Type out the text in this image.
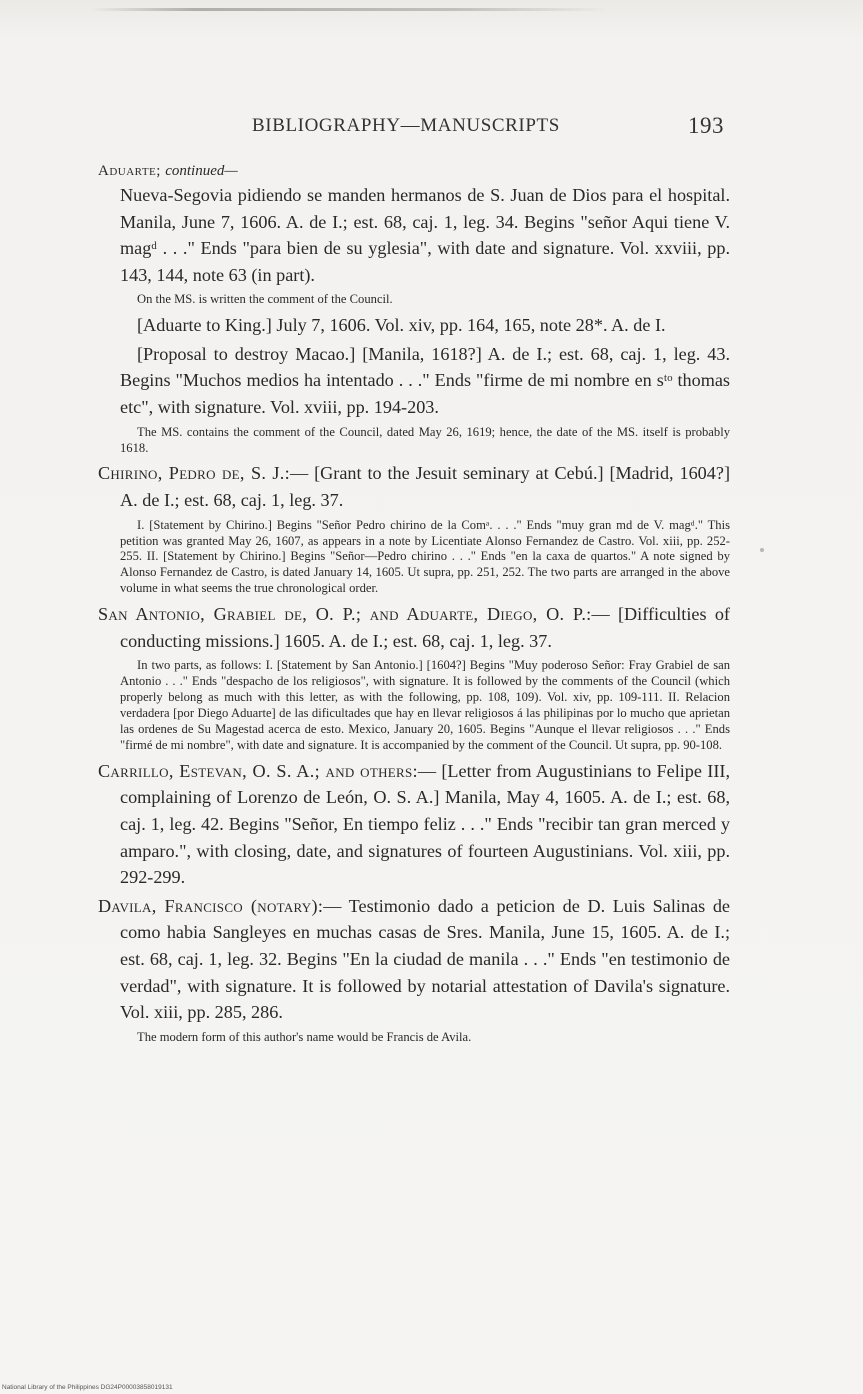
BIBLIOGRAPHY—MANUSCRIPTS	193
Aduarte; continued—

Nueva-Segovia pidiendo se manden hermanos de S. Juan de Dios para el hospital. Manila, June 7, 1606. A. de I.; est. 68, caj. 1, leg. 34. Begins "señor Aqui tiene V. magᵈ . . ." Ends "para bien de su yglesia", with date and signature. Vol. xxviii, pp. 143, 144, note 63 (in part).

On the MS. is written the comment of the Council.

[Aduarte to King.] July 7, 1606. Vol. xiv, pp. 164, 165, note 28*. A. de I.

[Proposal to destroy Macao.] [Manila, 1618?] A. de I.; est. 68, caj. 1, leg. 43. Begins "Muchos medios ha intentado . . ." Ends "firme de mi nombre en sᵗᵒ thomas etc", with signature. Vol. xviii, pp. 194-203.

The MS. contains the comment of the Council, dated May 26, 1619; hence, the date of the MS. itself is probably 1618.

Chirino, Pedro de, S. J.:— [Grant to the Jesuit seminary at Cebú.] [Madrid, 1604?] A. de I.; est. 68, caj. 1, leg. 37.

I. [Statement by Chirino.] Begins "Señor Pedro chirino de la Comᵃ. . . ." Ends "muy gran md de V. magᵈ." This petition was granted May 26, 1607, as appears in a note by Licentiate Alonso Fernandez de Castro. Vol. xiii, pp. 252-255. II. [Statement by Chirino.] Begins "Señor—Pedro chirino . . ." Ends "en la caxa de quartos." A note signed by Alonso Fernandez de Castro, is dated January 14, 1605. Ut supra, pp. 251, 252. The two parts are arranged in the above volume in what seems the true chronological order.

San Antonio, Grabiel de, O. P.; and Aduarte, Diego, O. P.:— [Difficulties of conducting missions.] 1605. A. de I.; est. 68, caj. 1, leg. 37.

In two parts, as follows: I. [Statement by San Antonio.] [1604?] Begins "Muy poderoso Señor: Fray Grabiel de san Antonio . . ." Ends "despacho de los religiosos", with signature. It is followed by the comments of the Council (which properly belong as much with this letter, as with the following, pp. 108, 109). Vol. xiv, pp. 109-111. II. Relacion verdadera [por Diego Aduarte] de las dificultades que hay en llevar religiosos á las philipinas por lo mucho que aprietan las ordenes de Su Magestad acerca de esto. Mexico, January 20, 1605. Begins "Aunque el llevar religiosos . . ." Ends "firmé de mi nombre", with date and signature. It is accompanied by the comment of the Council. Ut supra, pp. 90-108.

Carrillo, Estevan, O. S. A.; and others:— [Letter from Augustinians to Felipe III, complaining of Lorenzo de León, O. S. A.] Manila, May 4, 1605. A. de I.; est. 68, caj. 1, leg. 42. Begins "Señor, En tiempo feliz . . ." Ends "recibir tan gran merced y amparo.", with closing, date, and signatures of fourteen Augustinians. Vol. xiii, pp. 292-299.

Davila, Francisco (notary):— Testimonio dado a peticion de D. Luis Salinas de como habia Sangleyes en muchas casas de Sres. Manila, June 15, 1605. A. de I.; est. 68, caj. 1, leg. 32. Begins "En la ciudad de manila . . ." Ends "en testimonio de verdad", with signature. It is followed by notarial attestation of Davila's signature. Vol. xiii, pp. 285, 286.

The modern form of this author's name would be Francis de Avila.

National Library of the Philippines DG24P00003858019131
